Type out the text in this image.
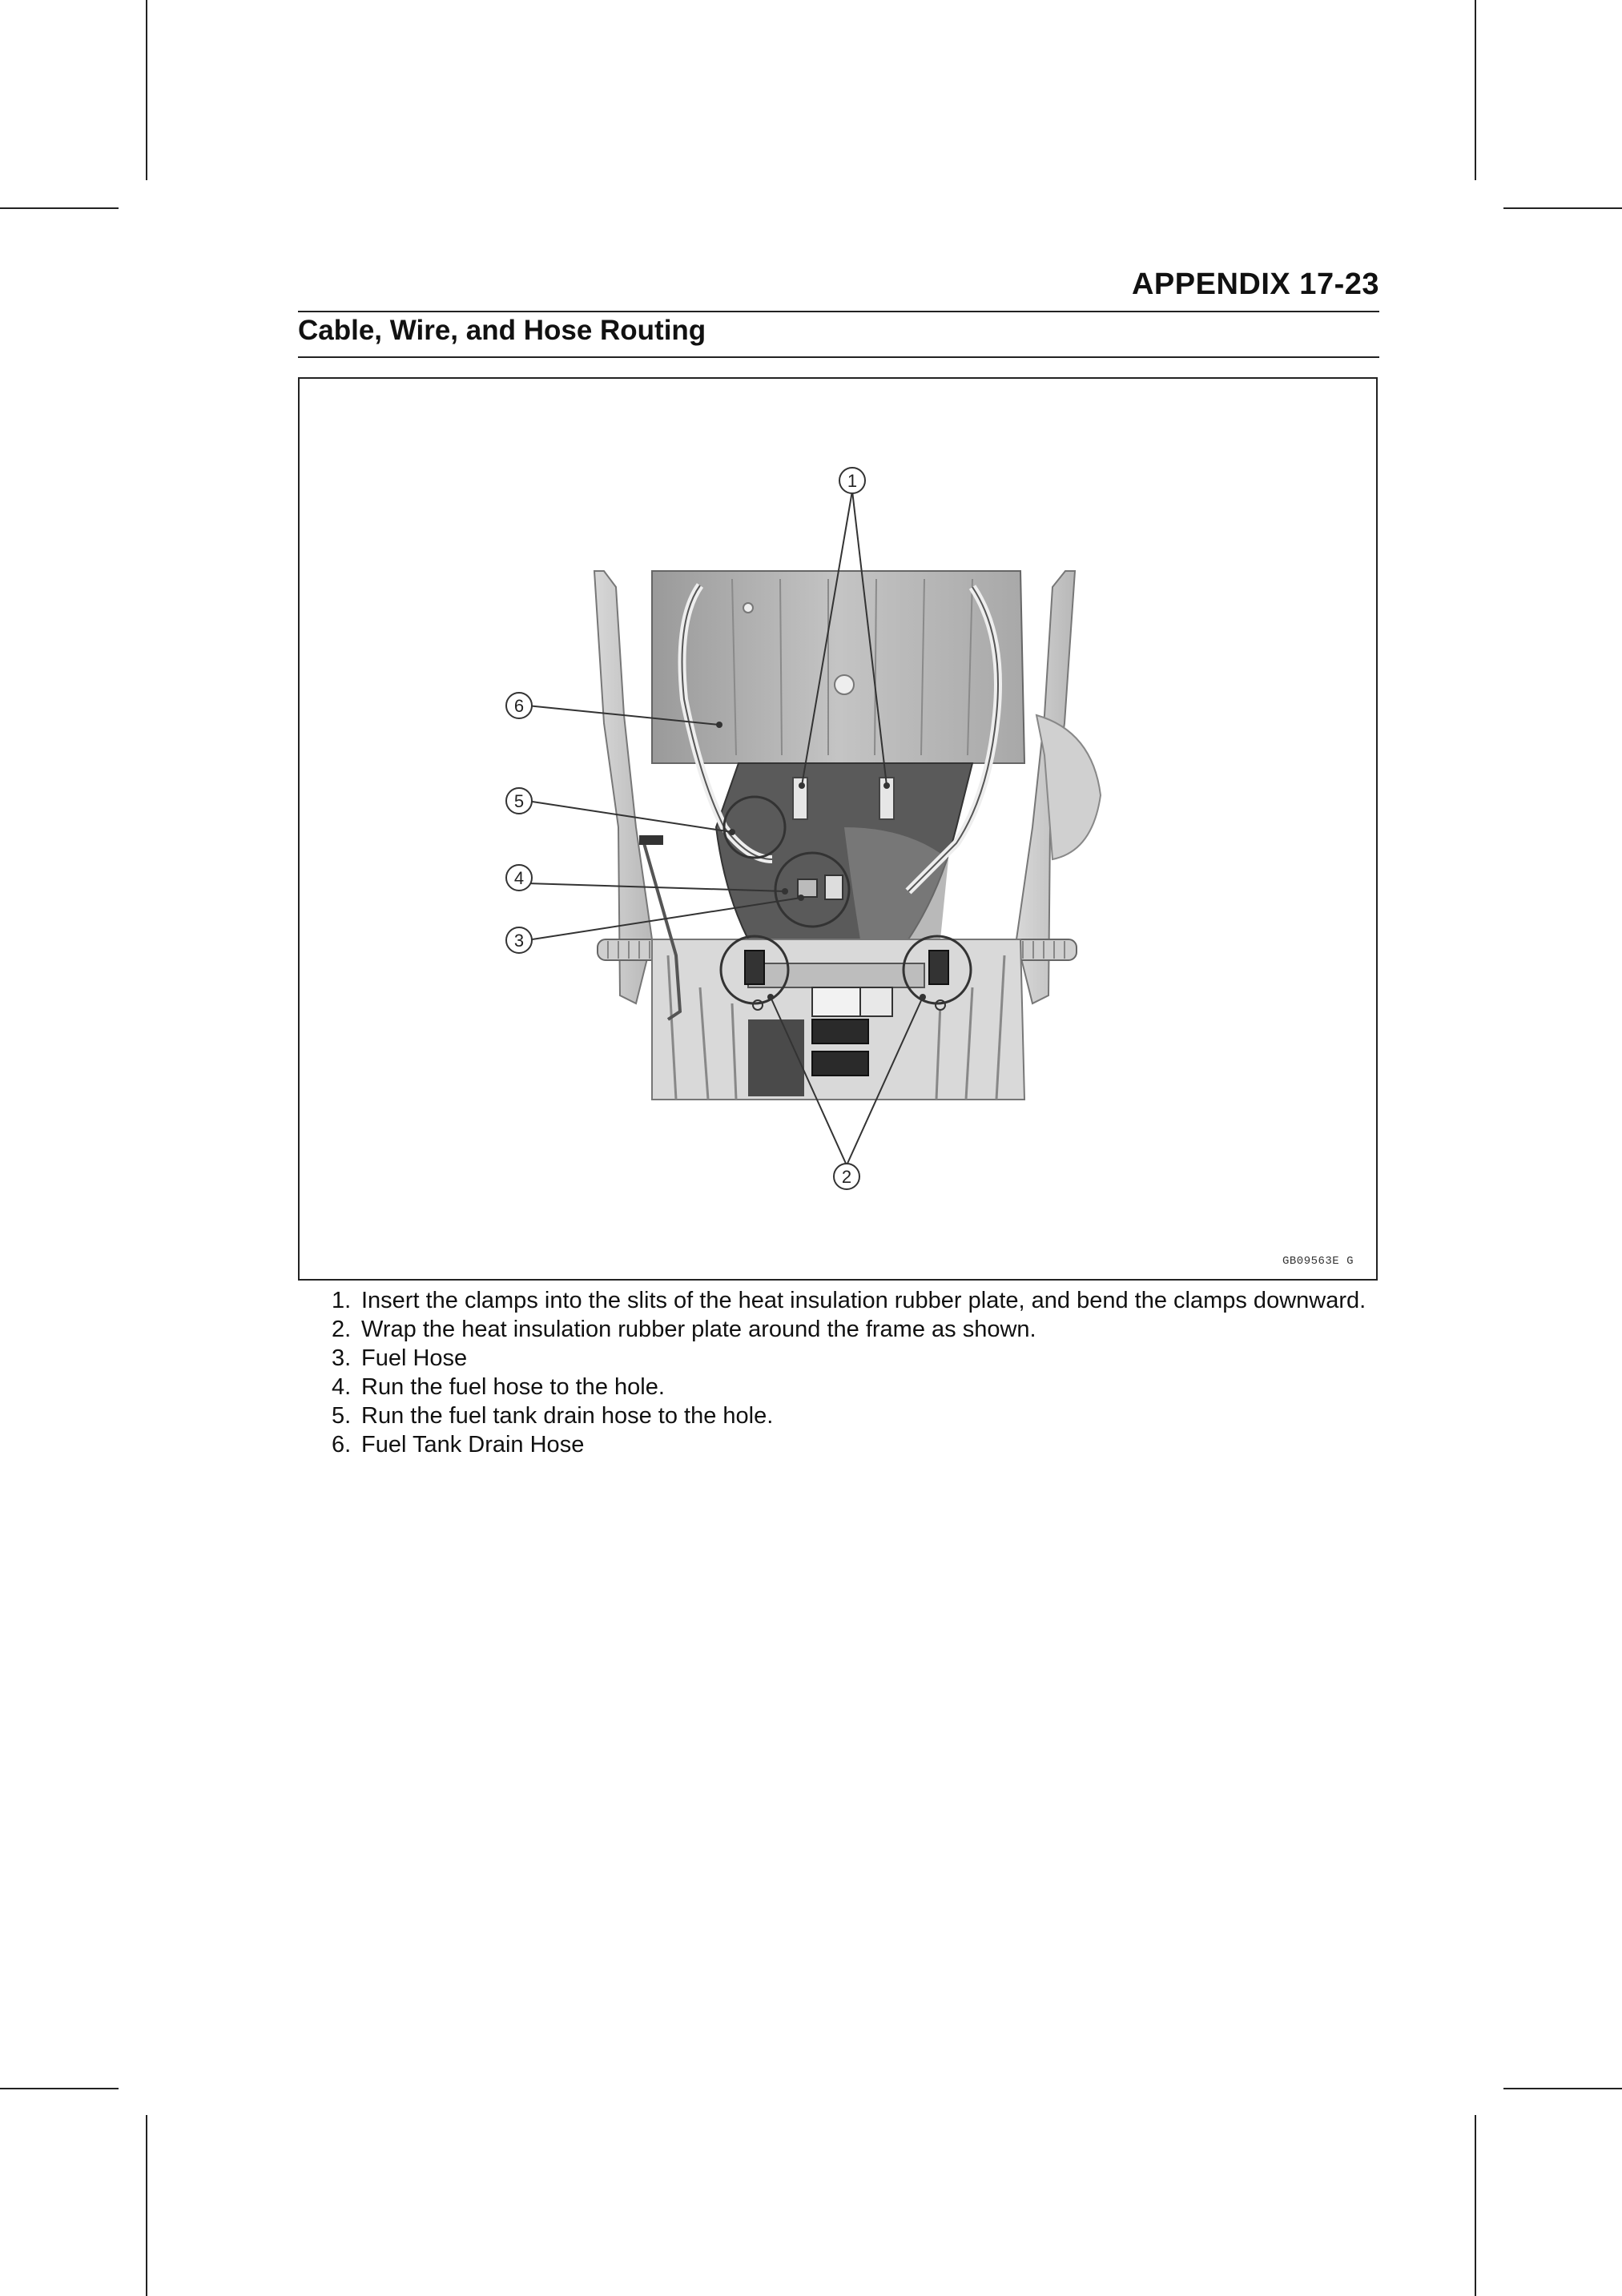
APPENDIX 17-23
Cable, Wire, and Hose Routing
1
2
3
4
5
6
GB09563E G
1. Insert the clamps into the slits of the heat insulation rubber plate, and bend the clamps downward.
2. Wrap the heat insulation rubber plate around the frame as shown.
3. Fuel Hose
4. Run the fuel hose to the hole.
5. Run the fuel tank drain hose to the hole.
6. Fuel Tank Drain Hose
